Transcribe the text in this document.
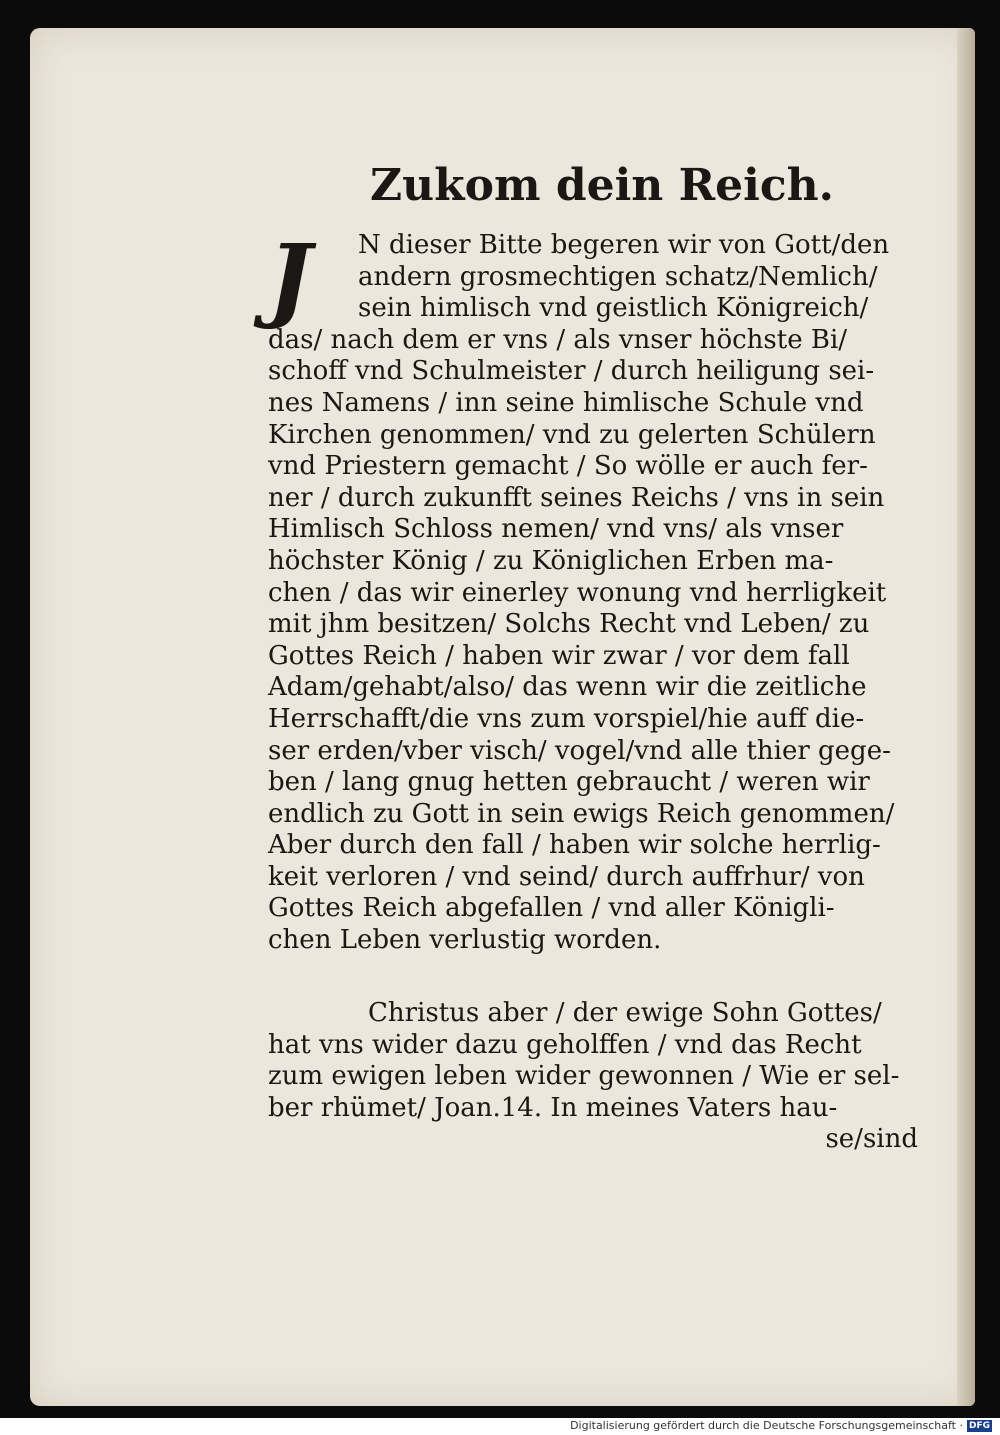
Zukom dein Reich.
J	N dieser Bitte begeren wir von Gott/den
andern grosmechtigen schatz/Nemlich/
sein himlisch vnd geistlich Königreich/
das/ nach dem er vns / als vnser höchste Bi/
schoff vnd Schulmeister / durch heiligung sei-
nes Namens / inn seine himlische Schule vnd
Kirchen genommen/ vnd zu gelerten Schülern
vnd Priestern gemacht / So wölle er auch fer-
ner / durch zukunfft seines Reichs / vns in sein
Himlisch Schloss nemen/ vnd vns/ als vnser
höchster König / zu Königlichen Erben ma-
chen / das wir einerley wonung vnd herrligkeit
mit jhm besitzen/ Solchs Recht vnd Leben/ zu
Gottes Reich / haben wir zwar / vor dem fall
Adam/gehabt/also/ das wenn wir die zeitliche
Herrschafft/die vns zum vorspiel/hie auff die-
ser erden/vber visch/ vogel/vnd alle thier gege-
ben / lang gnug hetten gebraucht / weren wir
endlich zu Gott in sein ewigs Reich genommen/
Aber durch den fall / haben wir solche herrlig-
keit verloren / vnd seind/ durch auffrhur/ von
Gottes Reich abgefallen / vnd aller Königli-
chen Leben verlustig worden.
Christus aber / der ewige Sohn Gottes/
hat vns wider dazu geholffen / vnd das Recht
zum ewigen leben wider gewonnen / Wie er sel-
ber rhümet/ Joan.14. In meines Vaters hau-
se/sind
Digitalisierung gefördert durch die Deutsche Forschungsgemeinschaft · DFG
